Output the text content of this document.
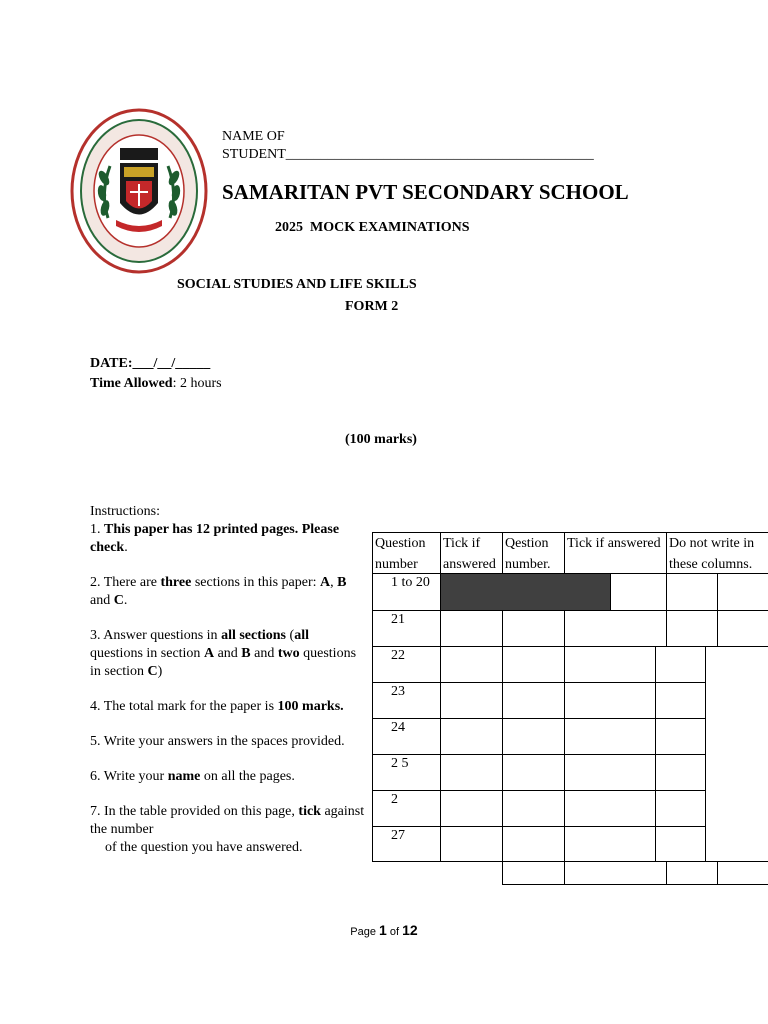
NAME OF
STUDENT____________________________________________
SAMARITAN PVT SECONDARY SCHOOL
2025  MOCK EXAMINATIONS
SOCIAL STUDIES AND LIFE SKILLS
FORM 2
DATE:___/__/_____
Time Allowed: 2 hours
(100 marks)

Instructions:

1. This paper has 12 printed pages. Please check.

2. There are three sections in this paper: A, B and C.

3. Answer questions in all sections (all questions in section A and B and two questions in section C)

4. The total mark for the paper is 100 marks.

5. Write your answers in the spaces provided.

6. Write your name on all the pages.

7. In the table provided on this page, tick against the number
of the question you have answered.

Question number
Tick if answered
Qestion number.
Tick if answered Do not write in these columns.
1 to 20
21
22
23
24
2 5
2
27
Page 1 of 12
